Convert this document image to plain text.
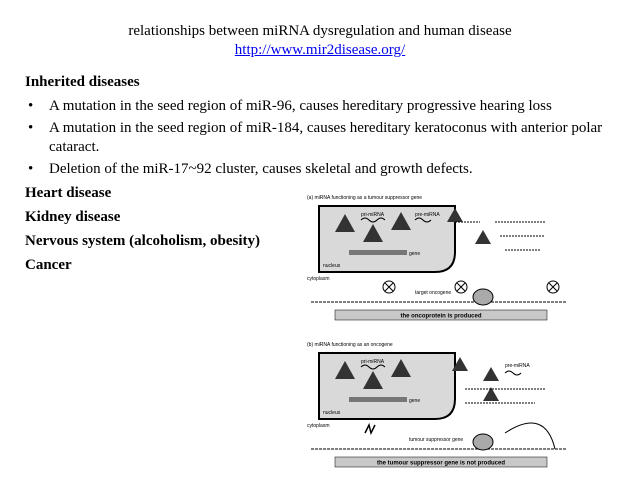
relationships between miRNA dysregulation and human disease
http://www.mir2disease.org/
Inherited diseases
• A mutation in the seed region of miR-96, causes hereditary progressive hearing loss
• A mutation in the seed region of miR-184, causes hereditary keratoconus with anterior polar cataract.
• Deletion of the miR-17~92 cluster, causes skeletal and growth defects.
Heart disease
Kidney disease
Nervous system (alcoholism, obesity)
Cancer
(a) miRNA functioning as a tumour suppressor gene
nucleus
pri-miRNA	pre-miRNA
gene
cytoplasm
target oncogene
the oncoprotein is produced
(b) miRNA functioning as an oncogene
nucleus
pri-miRNA
pre-miRNA
gene
cytoplasm
tumour suppressor gene
the tumour suppressor gene is not produced
